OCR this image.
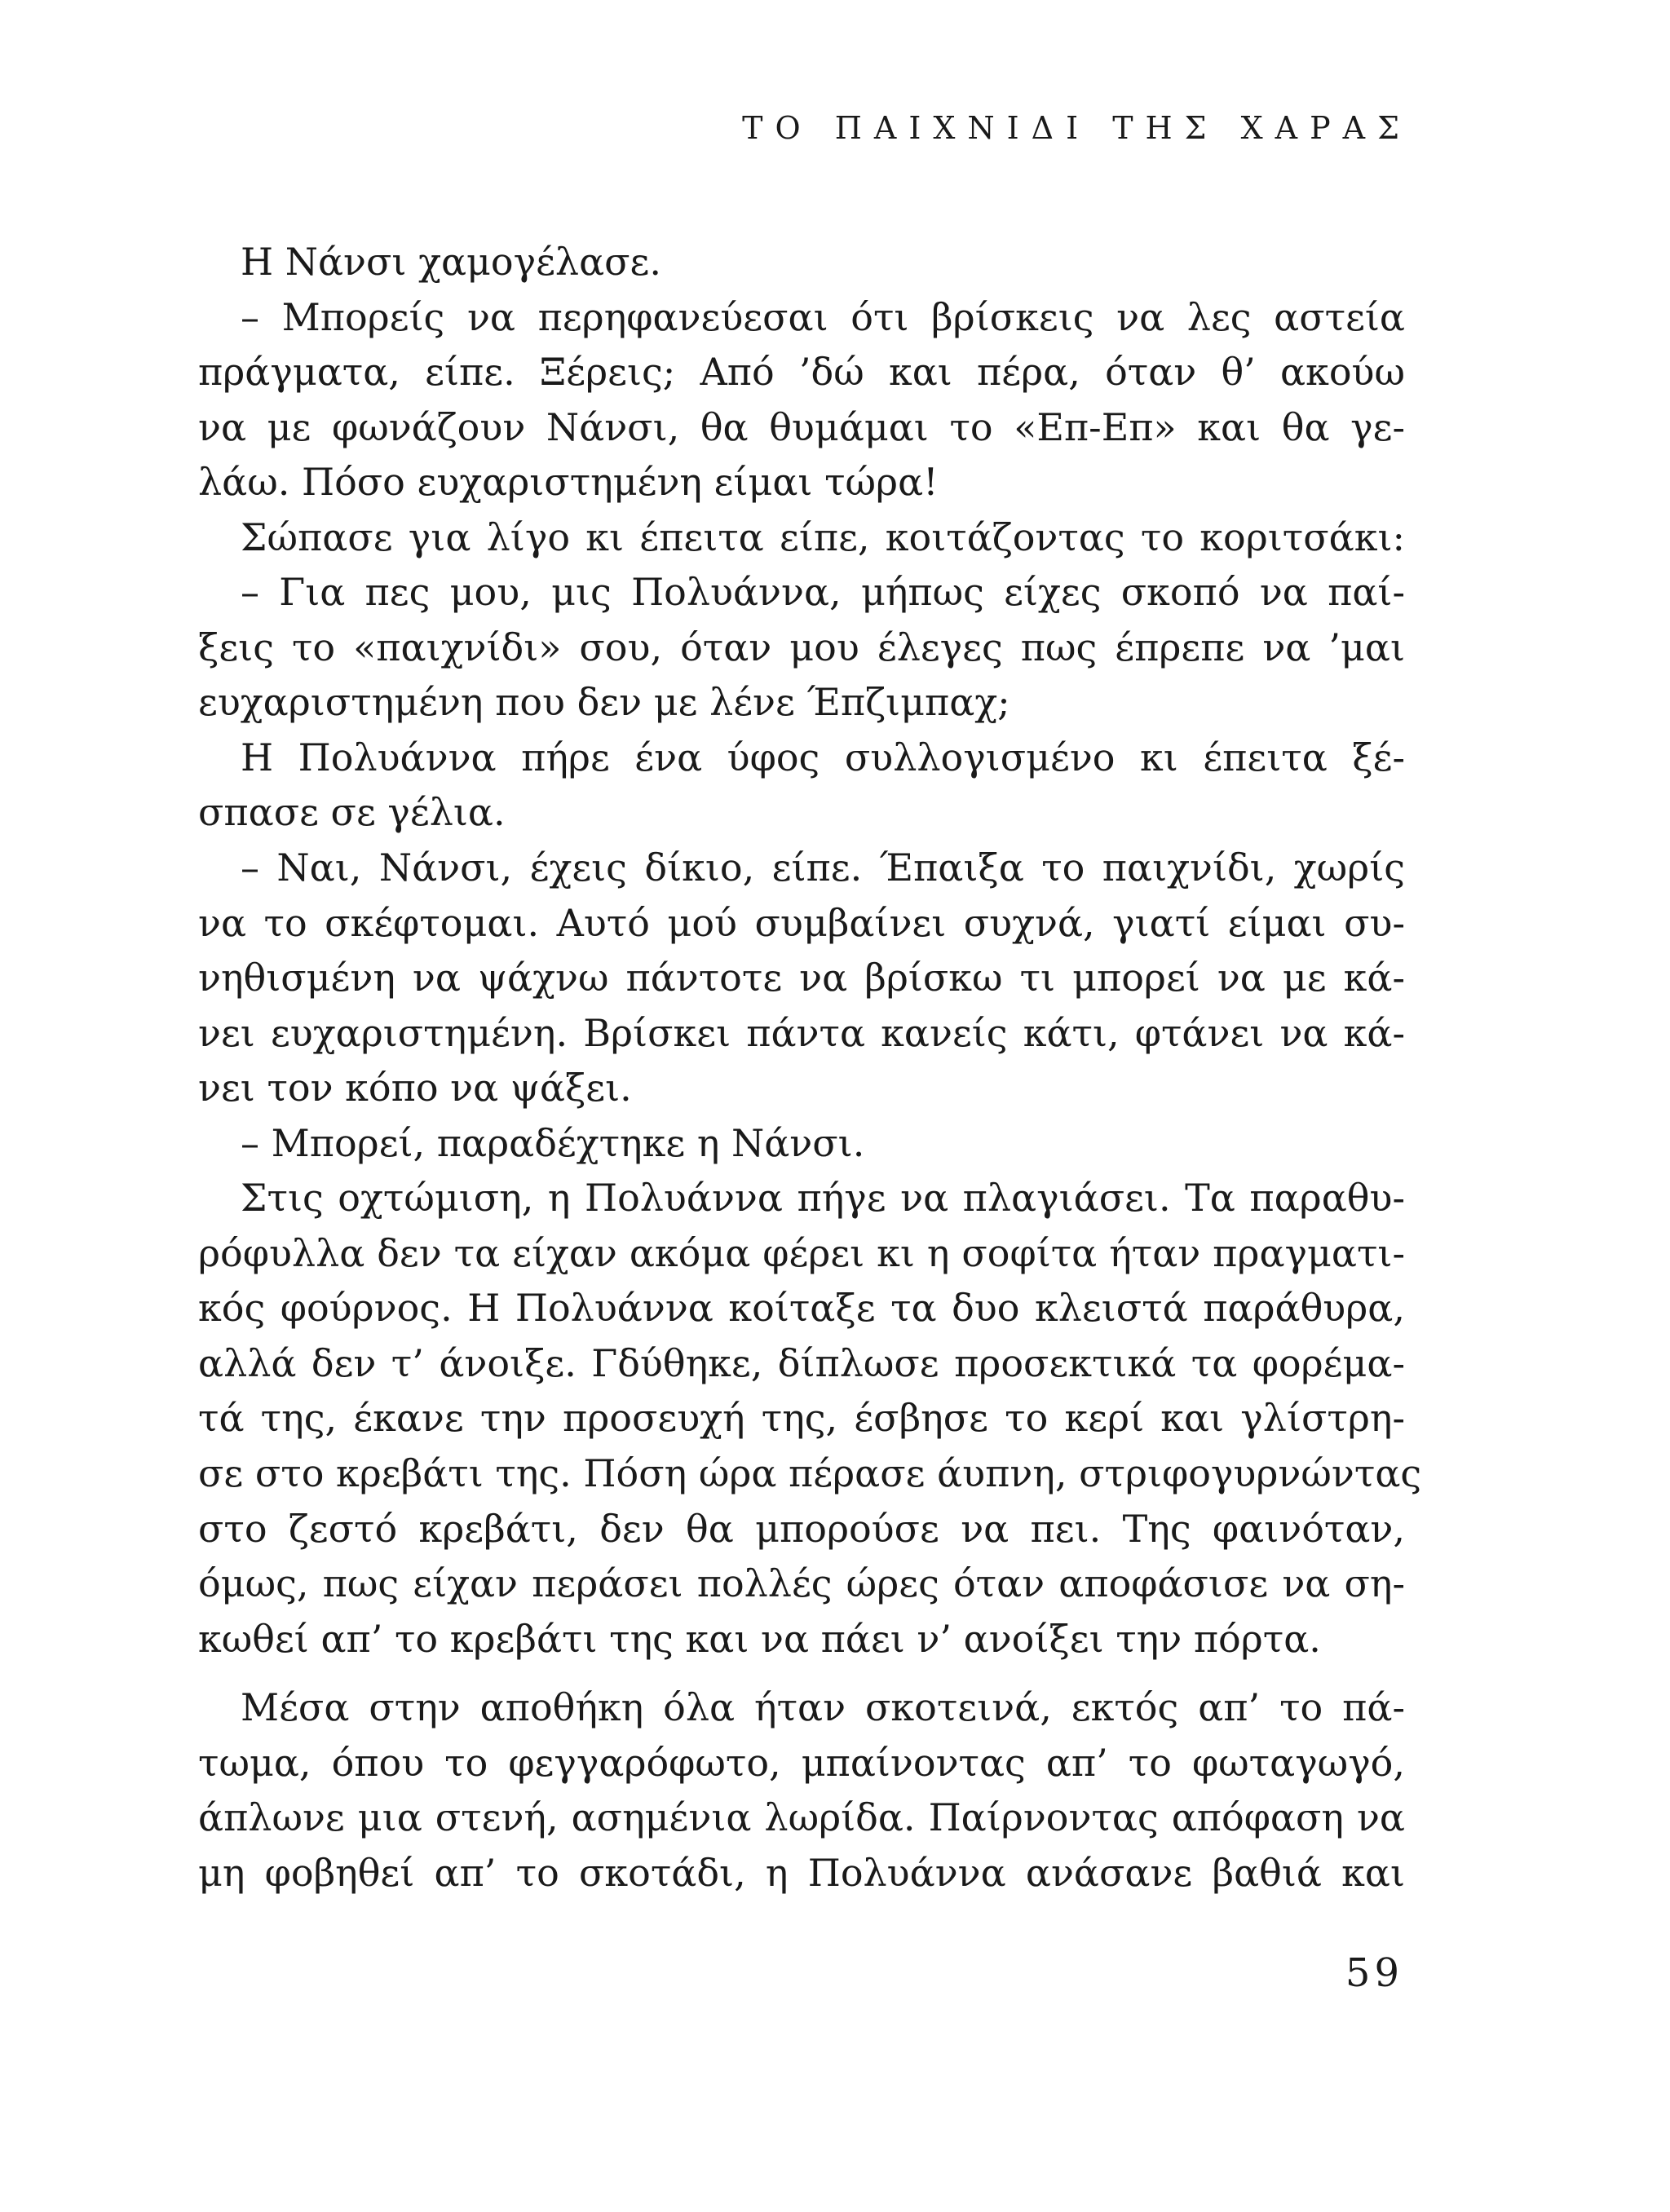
ΤΟ ΠΑΙΧΝΙΔΙ ΤΗΣ ΧΑΡΑΣ
Η Νάνσι χαμογέλασε.
– Μπορείς να περηφανεύεσαι ότι βρίσκεις να λες αστεία
πράγματα, είπε. Ξέρεις; Από ’δώ και πέρα, όταν θ’ ακούω
να με φωνάζουν Νάνσι, θα θυμάμαι το «Επ-Επ» και θα γε-
λάω. Πόσο ευχαριστημένη είμαι τώρα!
Σώπασε για λίγο κι έπειτα είπε, κοιτάζοντας το κοριτσάκι:
– Για πες μου, μις Πολυάννα, μήπως είχες σκοπό να παί-
ξεις το «παιχνίδι» σου, όταν μου έλεγες πως έπρεπε να ’μαι
ευχαριστημένη που δεν με λένε Έπζιμπαχ;
Η Πολυάννα πήρε ένα ύφος συλλογισμένο κι έπειτα ξέ-
σπασε σε γέλια.
– Ναι, Νάνσι, έχεις δίκιο, είπε. Έπαιξα το παιχνίδι, χωρίς
να το σκέφτομαι. Αυτό μού συμβαίνει συχνά, γιατί είμαι συ-
νηθισμένη να ψάχνω πάντοτε να βρίσκω τι μπορεί να με κά-
νει ευχαριστημένη. Βρίσκει πάντα κανείς κάτι, φτάνει να κά-
νει τον κόπο να ψάξει.
– Μπορεί, παραδέχτηκε η Νάνσι.
Στις οχτώμιση, η Πολυάννα πήγε να πλαγιάσει. Τα παραθυ-
ρόφυλλα δεν τα είχαν ακόμα φέρει κι η σοφίτα ήταν πραγματι-
κός φούρνος. Η Πολυάννα κοίταξε τα δυο κλειστά παράθυρα,
αλλά δεν τ’ άνοιξε. Γδύθηκε, δίπλωσε προσεκτικά τα φορέμα-
τά της, έκανε την προσευχή της, έσβησε το κερί και γλίστρη-
σε στο κρεβάτι της. Πόση ώρα πέρασε άυπνη, στριφογυρνώντας
στο ζεστό κρεβάτι, δεν θα μπορούσε να πει. Της φαινόταν,
όμως, πως είχαν περάσει πολλές ώρες όταν αποφάσισε να ση-
κωθεί απ’ το κρεβάτι της και να πάει ν’ ανοίξει την πόρτα.
Μέσα στην αποθήκη όλα ήταν σκοτεινά, εκτός απ’ το πά-
τωμα, όπου το φεγγαρόφωτο, μπαίνοντας απ’ το φωταγωγό,
άπλωνε μια στενή, ασημένια λωρίδα. Παίρνοντας απόφαση να
μη φοβηθεί απ’ το σκοτάδι, η Πολυάννα ανάσανε βαθιά και
59
